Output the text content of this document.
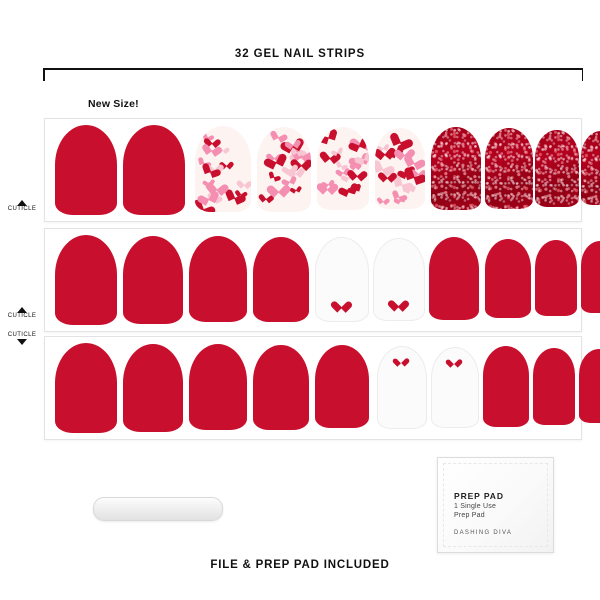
32 GEL NAIL STRIPS
New Size!
CUTICLE
CUTICLE
CUTICLE
PREP PAD
1 Single Use
Prep Pad
DASHING DIVA
FILE & PREP PAD INCLUDED
